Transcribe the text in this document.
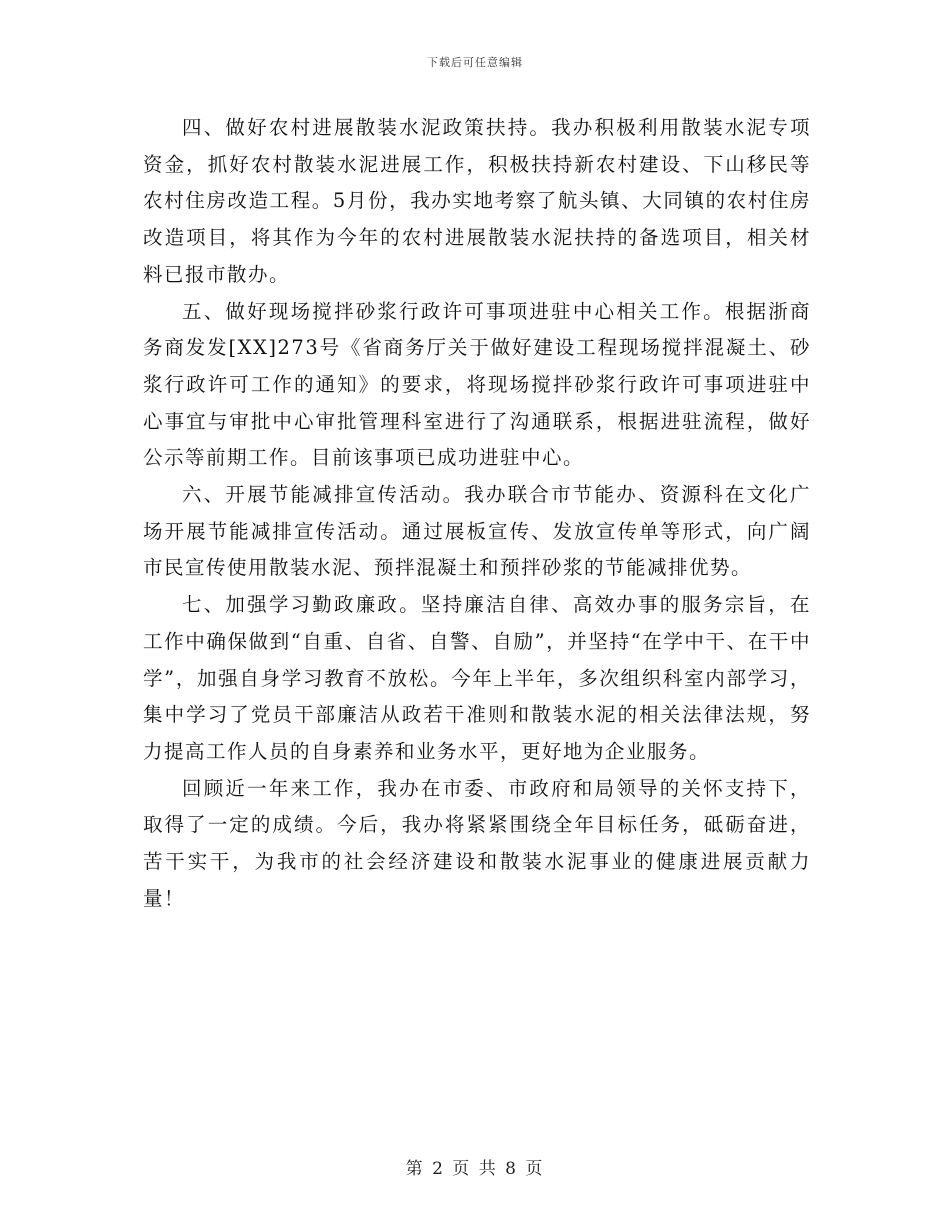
下载后可任意编辑

四、做好农村进展散装水泥政策扶持。我办积极利用散装水泥专项资金，抓好农村散装水泥进展工作，积极扶持新农村建设、下山移民等农村住房改造工程。5月份，我办实地考察了航头镇、大同镇的农村住房改造项目，将其作为今年的农村进展散装水泥扶持的备选项目，相关材料已报市散办。

五、做好现场搅拌砂浆行政许可事项进驻中心相关工作。根据浙商务商发发[XX]273号《省商务厅关于做好建设工程现场搅拌混凝土、砂浆行政许可工作的通知》的要求，将现场搅拌砂浆行政许可事项进驻中心事宜与审批中心审批管理科室进行了沟通联系，根据进驻流程，做好公示等前期工作。目前该事项已成功进驻中心。

六、开展节能减排宣传活动。我办联合市节能办、资源科在文化广场开展节能减排宣传活动。通过展板宣传、发放宣传单等形式，向广阔市民宣传使用散装水泥、预拌混凝土和预拌砂浆的节能减排优势。

七、加强学习勤政廉政。坚持廉洁自律、高效办事的服务宗旨，在工作中确保做到“自重、自省、自警、自励”，并坚持“在学中干、在干中学”，加强自身学习教育不放松。今年上半年，多次组织科室内部学习，集中学习了党员干部廉洁从政若干准则和散装水泥的相关法律法规，努力提高工作人员的自身素养和业务水平，更好地为企业服务。

回顾近一年来工作，我办在市委、市政府和局领导的关怀支持下，取得了一定的成绩。今后，我办将紧紧围绕全年目标任务，砥砺奋进，苦干实干，为我市的社会经济建设和散装水泥事业的健康进展贡献力量！

第 2 页 共 8 页
